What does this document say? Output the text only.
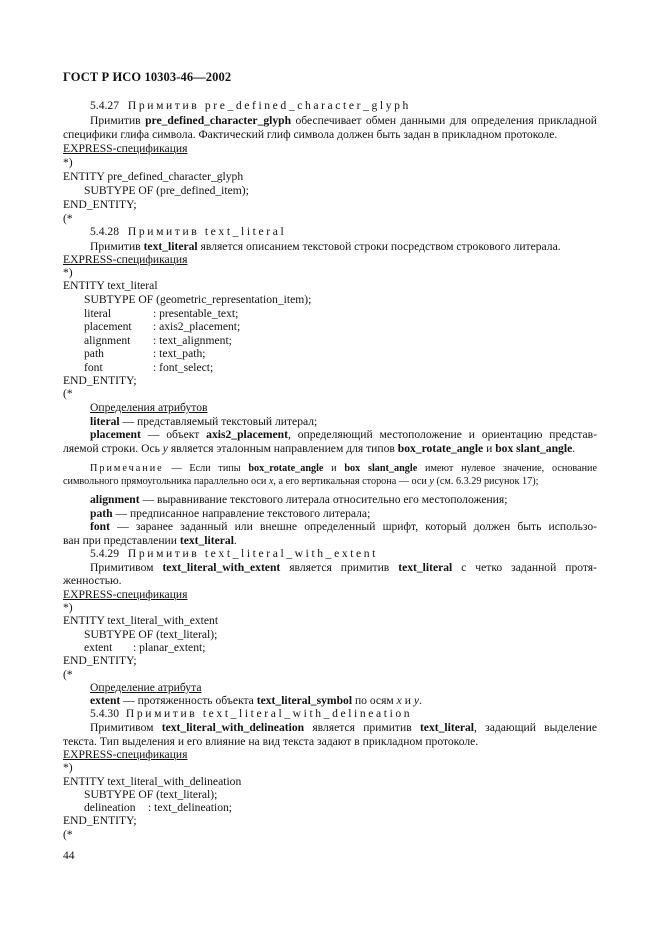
ГОСТ Р ИСО 10303-46—2002
5.4.27 Примитив pre_defined_character_glyph
Примитив pre_defined_character_glyph обеспечивает обмен данными для определения прикладной
специфики глифа символа. Фактический глиф символа должен быть задан в прикладном протоколе.
EXPRESS-спецификация
*)
ENTITY pre_defined_character_glyph
SUBTYPE OF (pre_defined_item);
END_ENTITY;
(*
5.4.28 Примитив text_literal
Примитив text_literal является описанием текстовой строки посредством строкового литерала.
EXPRESS-спецификация
*)
ENTITY text_literal
SUBTYPE OF (geometric_representation_item);
literal	: presentable_text;
placement : axis2_placement;
alignment : text_alignment;
path	: text_path;
font	: font_select;
END_ENTITY;
(*
Определения атрибутов
literal — представляемый текстовый литерал;
placement — объект axis2_placement, определяющий местоположение и ориентацию представ-
ляемой строки. Ось y является эталонным направлением для типов box_rotate_angle и box slant_angle.
Примечание — Если типы box_rotate_angle и box slant_angle имеют нулевое значение, основание
символьного прямоугольника параллельно оси x, а его вертикальная сторона — оси y (см. 6.3.29 рисунок 17);
alignment — выравнивание текстового литерала относительно его местоположения;
path — предписанное направление текстового литерала;
font — заранее заданный или внешне определенный шрифт, который должен быть использо-
ван при представлении text_literal.
5.4.29 Примитив text_literal_with_extent
Примитивом text_literal_with_extent является примитив text_literal с четко заданной протя-
женностью.
EXPRESS-спецификация
*)
ENTITY text_literal_with_extent
SUBTYPE OF (text_literal);
extent : planar_extent;
END_ENTITY;
(*
Определение атрибута
extent — протяженность объекта text_literal_symbol по осям x и y.
5.4.30 Примитив text_literal_with_delineation
Примитивом text_literal_with_delineation является примитив text_literal, задающий выделение
текста. Тип выделения и его влияние на вид текста задают в прикладном протоколе.
EXPRESS-спецификация
*)
ENTITY text_literal_with_delineation
SUBTYPE OF (text_literal);
delineation : text_delineation;
END_ENTITY;
(*
44
